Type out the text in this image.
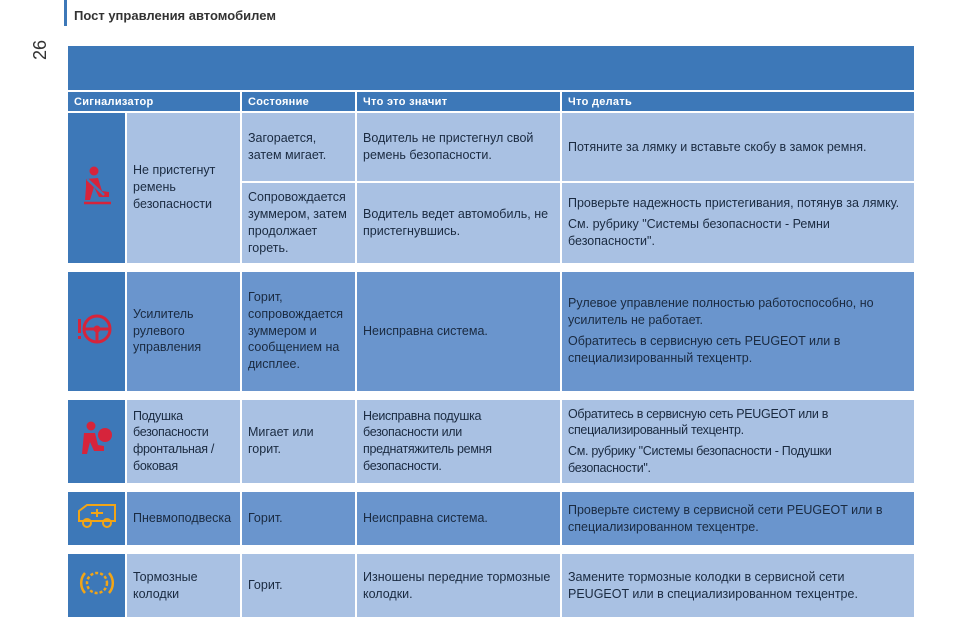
Пост управления автомобилем
26
Сигнализатор		Состояние	Что это значит	Что делать
	Не пристегнут ремень безопасности	Загорается, затем мигает.	Водитель не пристегнул свой ремень безопасности.	Потяните за лямку и вставьте скобу в замок ремня.

		Сопровождается зуммером, затем продолжает гореть.	Водитель ведет автомобиль, не пристегнувшись.	Проверьте надежность пристегивания, потянув за лямку.
См. рубрику "Системы безопасности - Ремни безопасности".

	Усилитель рулевого управления	Горит, сопровождается зуммером и сообщением на дисплее.	Неисправна система.	Рулевое управление полностью работоспособно, но усилитель не работает.
Обратитесь в сервисную сеть PEUGEOT или в специализированный техцентр.

	Подушка безопасности фронтальная / боковая	Мигает или горит.	Неисправна подушка безопасности или преднатяжитель ремня безопасности.	Обратитесь в сервисную сеть PEUGEOT или в специализированный техцентр.
См. рубрику "Системы безопасности - Подушки безопасности".

	Пневмоподвеска	Горит.	Неисправна система.	Проверьте систему в сервисной сети PEUGEOT или в специализированном техцентре.

	Тормозные колодки	Горит.	Изношены передние тормозные колодки.	Замените тормозные колодки в сервисной сети PEUGEOT или в специализированном техцентре.
